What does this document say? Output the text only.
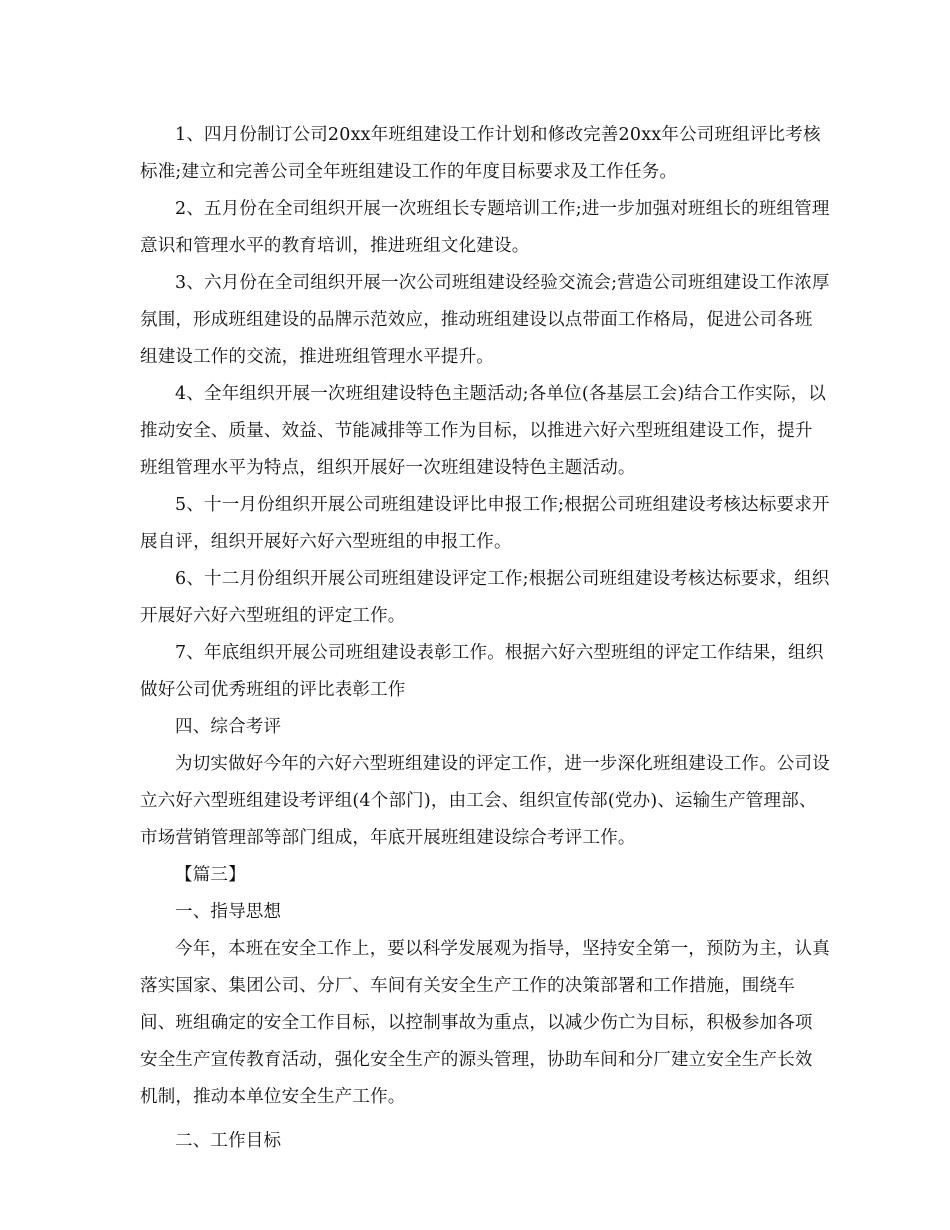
1、四月份制订公司20xx年班组建设工作计划和修改完善20xx年公司班组评比考核标准;建立和完善公司全年班组建设工作的年度目标要求及工作任务。

2、五月份在全司组织开展一次班组长专题培训工作;进一步加强对班组长的班组管理意识和管理水平的教育培训，推进班组文化建设。

3、六月份在全司组织开展一次公司班组建设经验交流会;营造公司班组建设工作浓厚氛围，形成班组建设的品牌示范效应，推动班组建设以点带面工作格局，促进公司各班组建设工作的交流，推进班组管理水平提升。

4、全年组织开展一次班组建设特色主题活动;各单位(各基层工会)结合工作实际，以推动安全、质量、效益、节能减排等工作为目标，以推进六好六型班组建设工作，提升班组管理水平为特点，组织开展好一次班组建设特色主题活动。

5、十一月份组织开展公司班组建设评比申报工作;根据公司班组建设考核达标要求开展自评，组织开展好六好六型班组的申报工作。

6、十二月份组织开展公司班组建设评定工作;根据公司班组建设考核达标要求，组织开展好六好六型班组的评定工作。

7、年底组织开展公司班组建设表彰工作。根据六好六型班组的评定工作结果，组织做好公司优秀班组的评比表彰工作

四、综合考评

为切实做好今年的六好六型班组建设的评定工作，进一步深化班组建设工作。公司设立六好六型班组建设考评组(4个部门)，由工会、组织宣传部(党办)、运输生产管理部、市场营销管理部等部门组成，年底开展班组建设综合考评工作。

【篇三】

一、指导思想

今年，本班在安全工作上，要以科学发展观为指导，坚持安全第一，预防为主，认真落实国家、集团公司、分厂、车间有关安全生产工作的决策部署和工作措施，围绕车间、班组确定的安全工作目标，以控制事故为重点，以减少伤亡为目标，积极参加各项安全生产宣传教育活动，强化安全生产的源头管理，协助车间和分厂建立安全生产长效机制，推动本单位安全生产工作。

二、工作目标
